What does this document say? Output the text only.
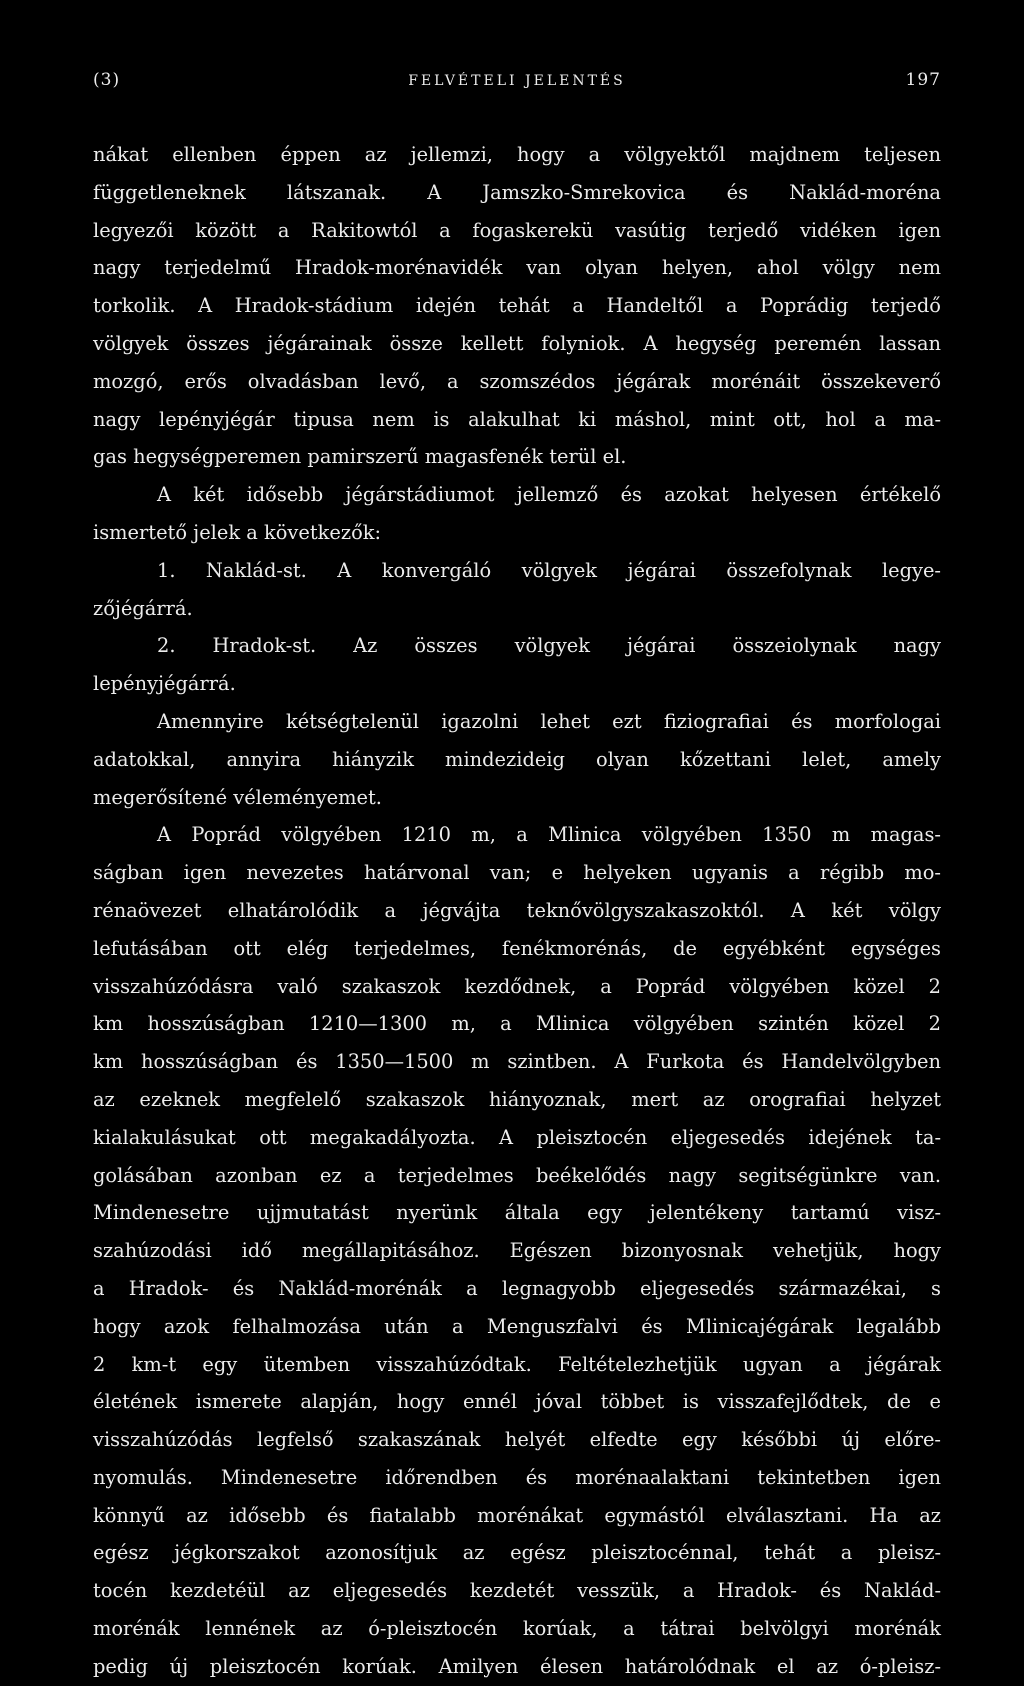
(3)	FELVÉTELI JELENTÉS	197
nákat ellenben éppen az jellemzi, hogy a völgyektől majdnem teljesen
függetleneknek látszanak. A Jamszko-Smrekovica és Naklád-moréna
legyezői között a Rakitowtól a fogaskerekü vasútig terjedő vidéken igen
nagy terjedelmű Hradok-morénavidék van olyan helyen, ahol völgy nem
torkolik. A Hradok-stádium idején tehát a Handeltől a Poprádig terjedő
völgyek összes jégárainak össze kellett folyniok. A hegység peremén lassan
mozgó, erős olvadásban levő, a szomszédos jégárak morénáit összekeverő
nagy lepényjégár tipusa nem is alakulhat ki máshol, mint ott, hol a ma-
gas hegységperemen pamirszerű magasfenék terül el.
A két idősebb jégárstádiumot jellemző és azokat helyesen értékelő
ismertető jelek a következők:
1. Naklád-st. A konvergáló völgyek jégárai összefolynak legye-
zőjégárrá.
2. Hradok-st. Az összes völgyek jégárai összeiolynak nagy
lepényjégárrá.
Amennyire kétségtelenül igazolni lehet ezt fiziografiai és morfologai
adatokkal, annyira hiányzik mindezideig olyan kőzettani lelet, amely
megerősítené véleményemet.
A Poprád völgyében 1210 m, a Mlinica völgyében 1350 m magas-
ságban igen nevezetes határvonal van; e helyeken ugyanis a régibb mo-
rénaövezet elhatárolódik a jégvájta teknővölgyszakaszoktól. A két völgy
lefutásában ott elég terjedelmes, fenékmorénás, de egyébként egységes
visszahúzódásra való szakaszok kezdődnek, a Poprád völgyében közel 2
km hosszúságban 1210—1300 m, a Mlinica völgyében szintén közel 2
km hosszúságban és 1350—1500 m szintben. A Furkota és Handelvölgyben
az ezeknek megfelelő szakaszok hiányoznak, mert az orografiai helyzet
kialakulásukat ott megakadályozta. A pleisztocén eljegesedés idejének ta-
golásában azonban ez a terjedelmes beékelődés nagy segitségünkre van.
Mindenesetre ujjmutatást nyerünk általa egy jelentékeny tartamú visz-
szahúzodási idő megállapitásához. Egészen bizonyosnak vehetjük, hogy
a Hradok- és Naklád-morénák a legnagyobb eljegesedés származékai, s
hogy azok felhalmozása után a Menguszfalvi és Mlinicajégárak legalább
2 km-t egy ütemben visszahúzódtak. Feltételezhetjük ugyan a jégárak
életének ismerete alapján, hogy ennél jóval többet is visszafejlődtek, de e
visszahúzódás legfelső szakaszának helyét elfedte egy későbbi új előre-
nyomulás. Mindenesetre időrendben és morénaalaktani tekintetben igen
könnyű az idősebb és fiatalabb morénákat egymástól elválasztani. Ha az
egész jégkorszakot azonosítjuk az egész pleisztocénnal, tehát a pleisz-
tocén kezdetéül az eljegesedés kezdetét vesszük, a Hradok- és Naklád-
morénák lennének az ó-pleisztocén korúak, a tátrai belvölgyi morénák
pedig új pleisztocén korúak. Amilyen élesen határolódnak el az ó-pleisz-
